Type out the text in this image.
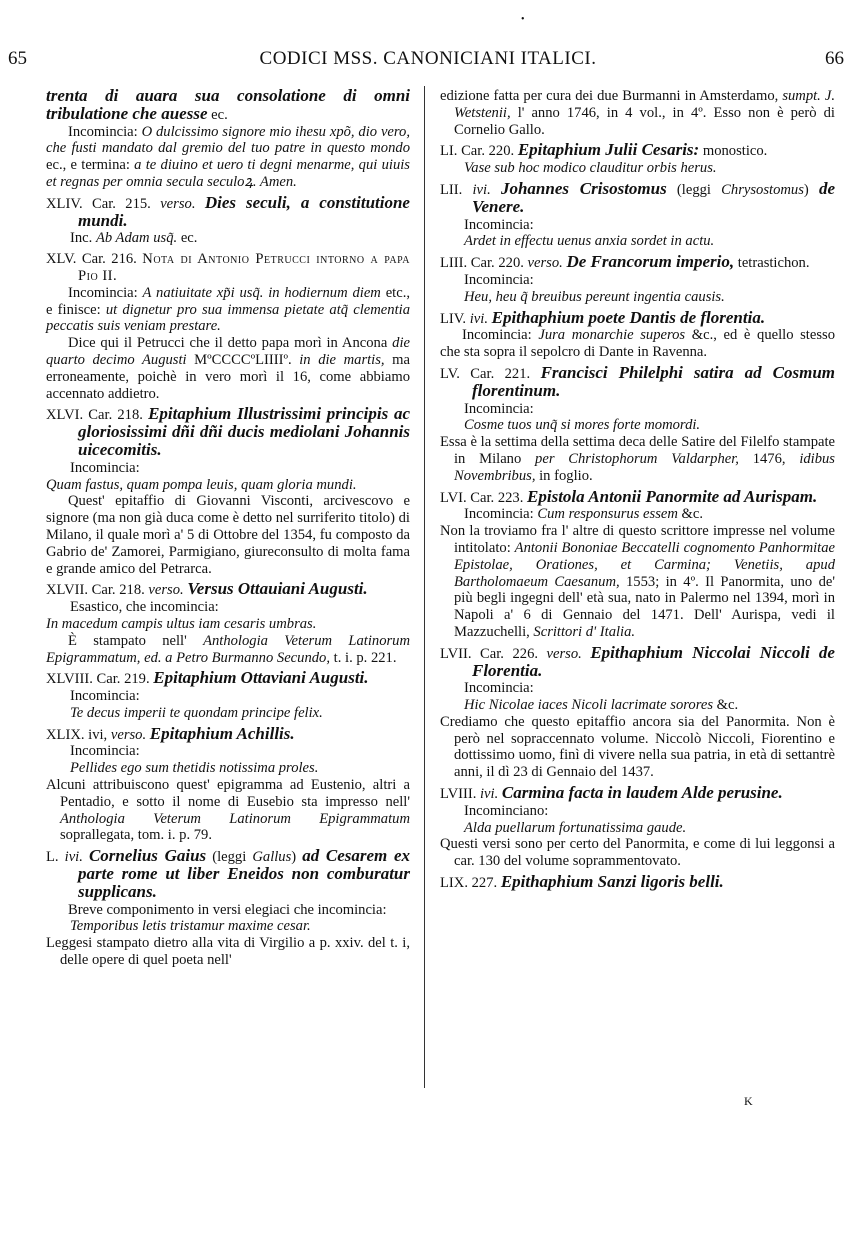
65	CODICI MSS. CANONICIANI ITALICI.	66
•

trenta di auara sua consolatione di omni tribulatione che auesse ec.

Incomincia: O dulcissimo signore mio ihesu xpõ, dio vero, che fusti mandato dal gremio del tuo patre in questo mondo ec., e termina: a te diuino et uero ti degni menarme, qui uiuis et regnas per omnia secula seculoꝝ. Amen.

XLIV. Car. 215. verso. Dies seculi, a constitutione mundi.

Inc. Ab Adam usq̃. ec.

XLV. Car. 216. Nota di Antonio Petrucci intorno a papa Pio II.

Incomincia: A natiuitate xp̃i usq̃. in hodiernum diem etc., e finisce: ut dignetur pro sua immensa pietate atq̃ clementia peccatis suis veniam prestare.

Dice qui il Petrucci che il detto papa morì in Ancona die quarto decimo Augusti MºCCCCºLIIIIº. in die martis, ma erroneamente, poichè in vero morì il 16, come abbiamo accennato addietro.

XLVI. Car. 218. Epitaphium Illustrissimi principis ac gloriosissimi dñi dñi ducis mediolani Johannis uicecomitis.

Incomincia:

Quam fastus, quam pompa leuis, quam gloria mundi.

Quest' epitaffio di Giovanni Visconti, arcivescovo e signore (ma non già duca come è detto nel surriferito titolo) di Milano, il quale morì a' 5 di Ottobre del 1354, fu composto da Gabrio de' Zamorei, Parmigiano, giureconsulto di molta fama e grande amico del Petrarca.

XLVII. Car. 218. verso. Versus Ottauiani Augusti.

Esastico, che incomincia:

In macedum campis ultus iam cesaris umbras.

È stampato nell' Anthologia Veterum Latinorum Epigrammatum, ed. a Petro Burmanno Secundo, t. i. p. 221.

XLVIII. Car. 219. Epitaphium Ottaviani Augusti.

Incomincia:

Te decus imperii te quondam principe felix.

XLIX. ivi, verso. Epitaphium Achillis.

Incomincia:

Pellides ego sum thetidis notissima proles.

Alcuni attribuiscono quest' epigramma ad Eustenio, altri a Pentadio, e sotto il nome di Eusebio sta impresso nell' Anthologia Veterum Latinorum Epigrammatum soprallegata, tom. i. p. 79.

L. ivi. Cornelius Gaius (leggi Gallus) ad Cesarem ex parte rome ut liber Eneidos non comburatur supplicans.

Breve componimento in versi elegiaci che incomincia:

Temporibus letis tristamur maxime cesar.

Leggesi stampato dietro alla vita di Virgilio a p. xxiv. del t. i, delle opere di quel poeta nell'

edizione fatta per cura dei due Burmanni in Amsterdamo, sumpt. J. Wetstenii, l' anno 1746, in 4 vol., in 4º. Esso non è però di Cornelio Gallo.

LI. Car. 220. Epitaphium Julii Cesaris: monostico.

Vase sub hoc modico clauditur orbis herus.

LII. ivi. Johannes Crisostomus (leggi Chrysostomus) de Venere.

Incomincia:

Ardet in effectu uenus anxia sordet in actu.

LIII. Car. 220. verso. De Francorum imperio, tetrastichon.

Incomincia:

Heu, heu q̃ breuibus pereunt ingentia causis.

LIV. ivi. Epithaphium poete Dantis de florentia.

Incomincia: Jura monarchie superos &c., ed è quello stesso che sta sopra il sepolcro di Dante in Ravenna.

LV. Car. 221. Francisci Philelphi satira ad Cosmum florentinum.

Incomincia:

Cosme tuos unq̃ si mores forte momordi.

Essa è la settima della settima deca delle Satire del Filelfo stampate in Milano per Christophorum Valdarpher, 1476, idibus Novembribus, in foglio.

LVI. Car. 223. Epistola Antonii Panormite ad Aurispam.

Incomincia: Cum responsurus essem &c.

Non la troviamo fra l' altre di questo scrittore impresse nel volume intitolato: Antonii Bononiae Beccatelli cognomento Panhormitae Epistolae, Orationes, et Carmina; Venetiis, apud Bartholomaeum Caesanum, 1553; in 4º. Il Panormita, uno de' più begli ingegni dell' età sua, nato in Palermo nel 1394, morì in Napoli a' 6 di Gennaio del 1471. Dell' Aurispa, vedi il Mazzuchelli, Scrittori d' Italia.

LVII. Car. 226. verso. Epithaphium Niccolai Niccoli de Florentia.

Incomincia:

Hic Nicolae iaces Nicoli lacrimate sorores &c.

Crediamo che questo epitaffio ancora sia del Panormita. Non è però nel sopraccennato volume. Niccolò Niccoli, Fiorentino e dottissimo uomo, finì di vivere nella sua patria, in età di settantrè anni, il dì 23 di Gennaio del 1437.

LVIII. ivi. Carmina facta in laudem Alde perusine.

Incominciano:

Alda puellarum fortunatissima gaude.

Questi versi sono per certo del Panormita, e come di lui leggonsi a car. 130 del volume soprammentovato.

LIX. 227. Epithaphium Sanzi ligoris belli.

K
